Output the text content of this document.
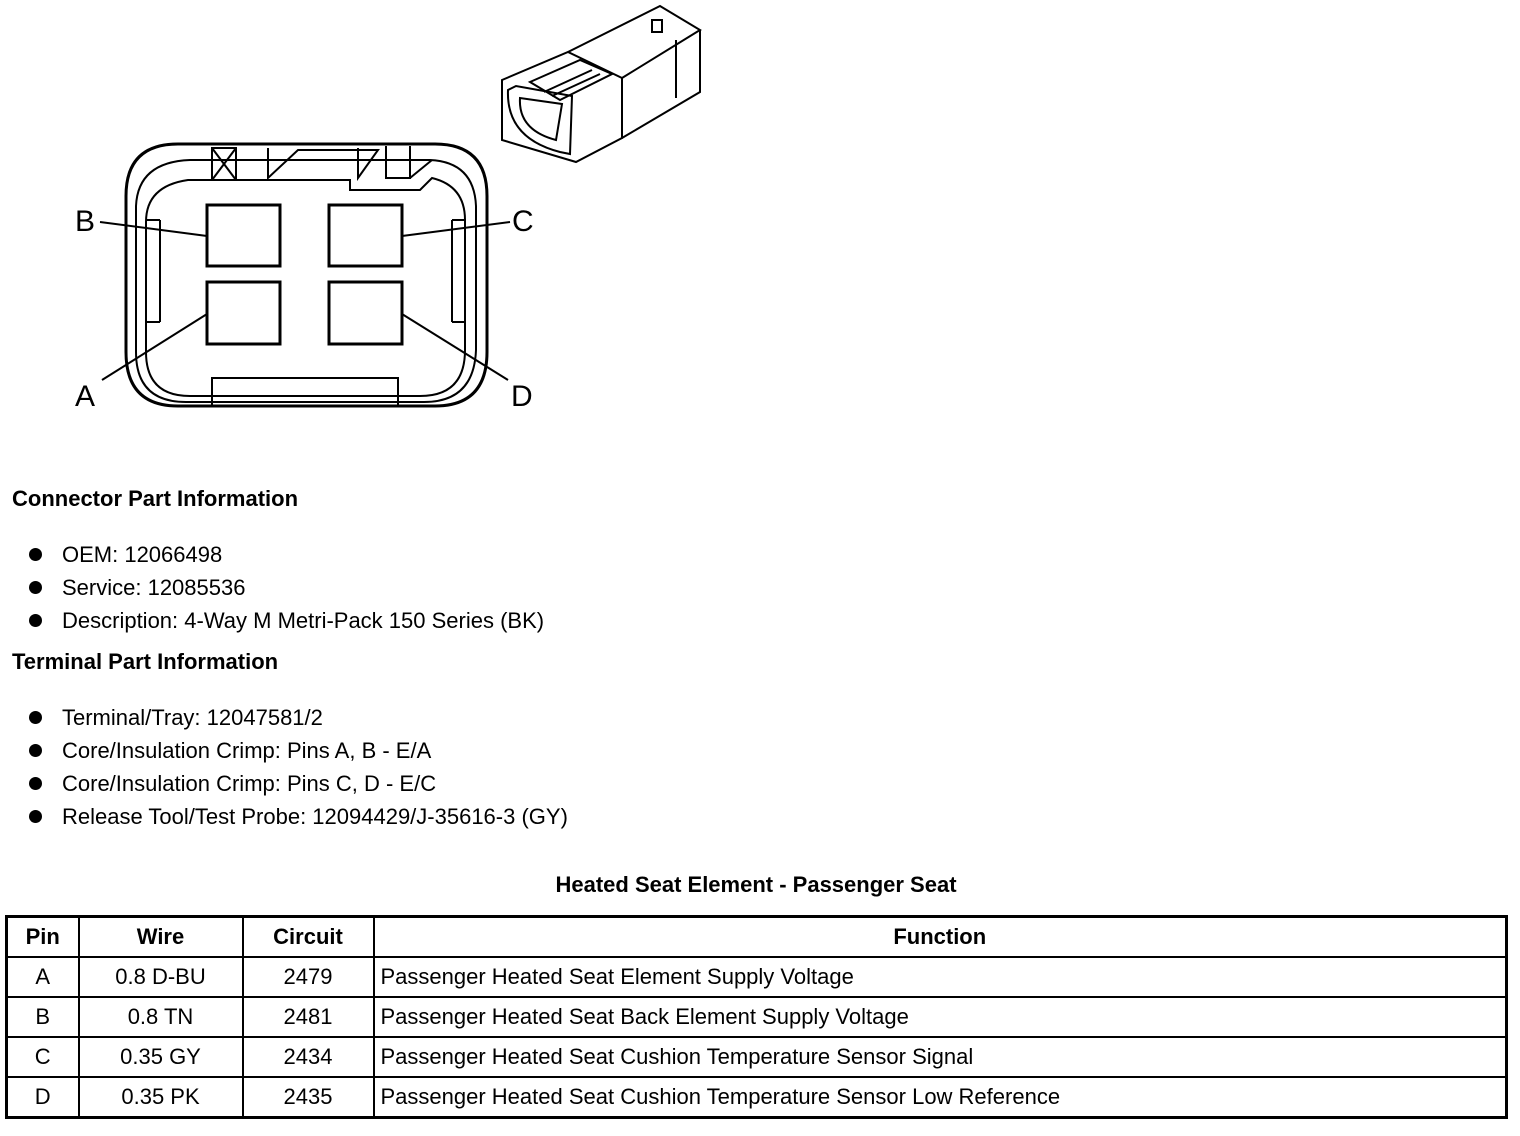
B	C
A	D
Connector Part Information
OEM: 12066498
Service: 12085536
Description: 4-Way M Metri-Pack 150 Series (BK)
Terminal Part Information
Terminal/Tray: 12047581/2
Core/Insulation Crimp: Pins A, B - E/A
Core/Insulation Crimp: Pins C, D - E/C
Release Tool/Test Probe: 12094429/J-35616-3 (GY)
Heated Seat Element - Passenger Seat
Pin	Wire	Circuit	Function
A	0.8 D-BU	2479	Passenger Heated Seat Element Supply Voltage
B	0.8 TN	2481	Passenger Heated Seat Back Element Supply Voltage
C	0.35 GY	2434	Passenger Heated Seat Cushion Temperature Sensor Signal
D	0.35 PK	2435	Passenger Heated Seat Cushion Temperature Sensor Low Reference
